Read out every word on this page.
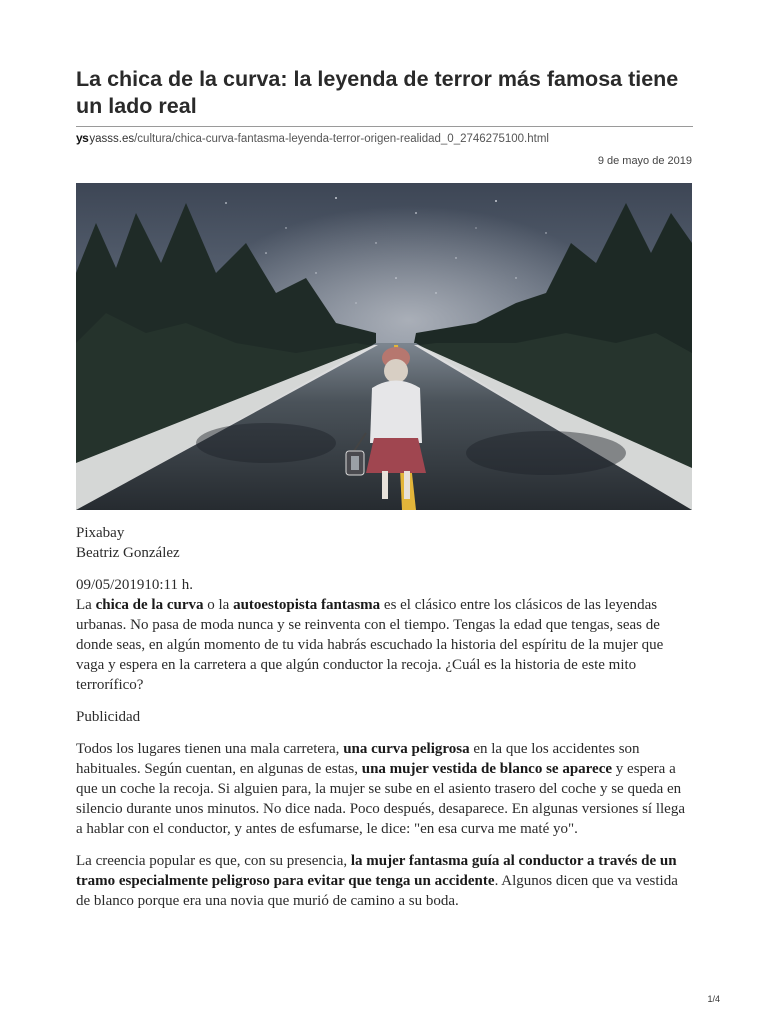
La chica de la curva: la leyenda de terror más famosa tiene un lado real
ysyasss.es/cultura/chica-curva-fantasma-leyenda-terror-origen-realidad_0_2746275100.html
9 de mayo de 2019

Pixabay

Beatriz González

09/05/201910:11 h.

La chica de la curva o la autoestopista fantasma es el clásico entre los clásicos de las leyendas urbanas. No pasa de moda nunca y se reinventa con el tiempo. Tengas la edad que tengas, seas de donde seas, en algún momento de tu vida habrás escuchado la historia del espíritu de la mujer que vaga y espera en la carretera a que algún conductor la recoja. ¿Cuál es la historia de este mito terrorífico?

Publicidad

Todos los lugares tienen una mala carretera, una curva peligrosa en la que los accidentes son habituales. Según cuentan, en algunas de estas, una mujer vestida de blanco se aparece y espera a que un coche la recoja. Si alguien para, la mujer se sube en el asiento trasero del coche y se queda en silencio durante unos minutos. No dice nada. Poco después, desaparece. En algunas versiones sí llega a hablar con el conductor, y antes de esfumarse, le dice: "en esa curva me maté yo".

La creencia popular es que, con su presencia, la mujer fantasma guía al conductor a través de un tramo especialmente peligroso para evitar que tenga un accidente. Algunos dicen que va vestida de blanco porque era una novia que murió de camino a su boda.

1/4
